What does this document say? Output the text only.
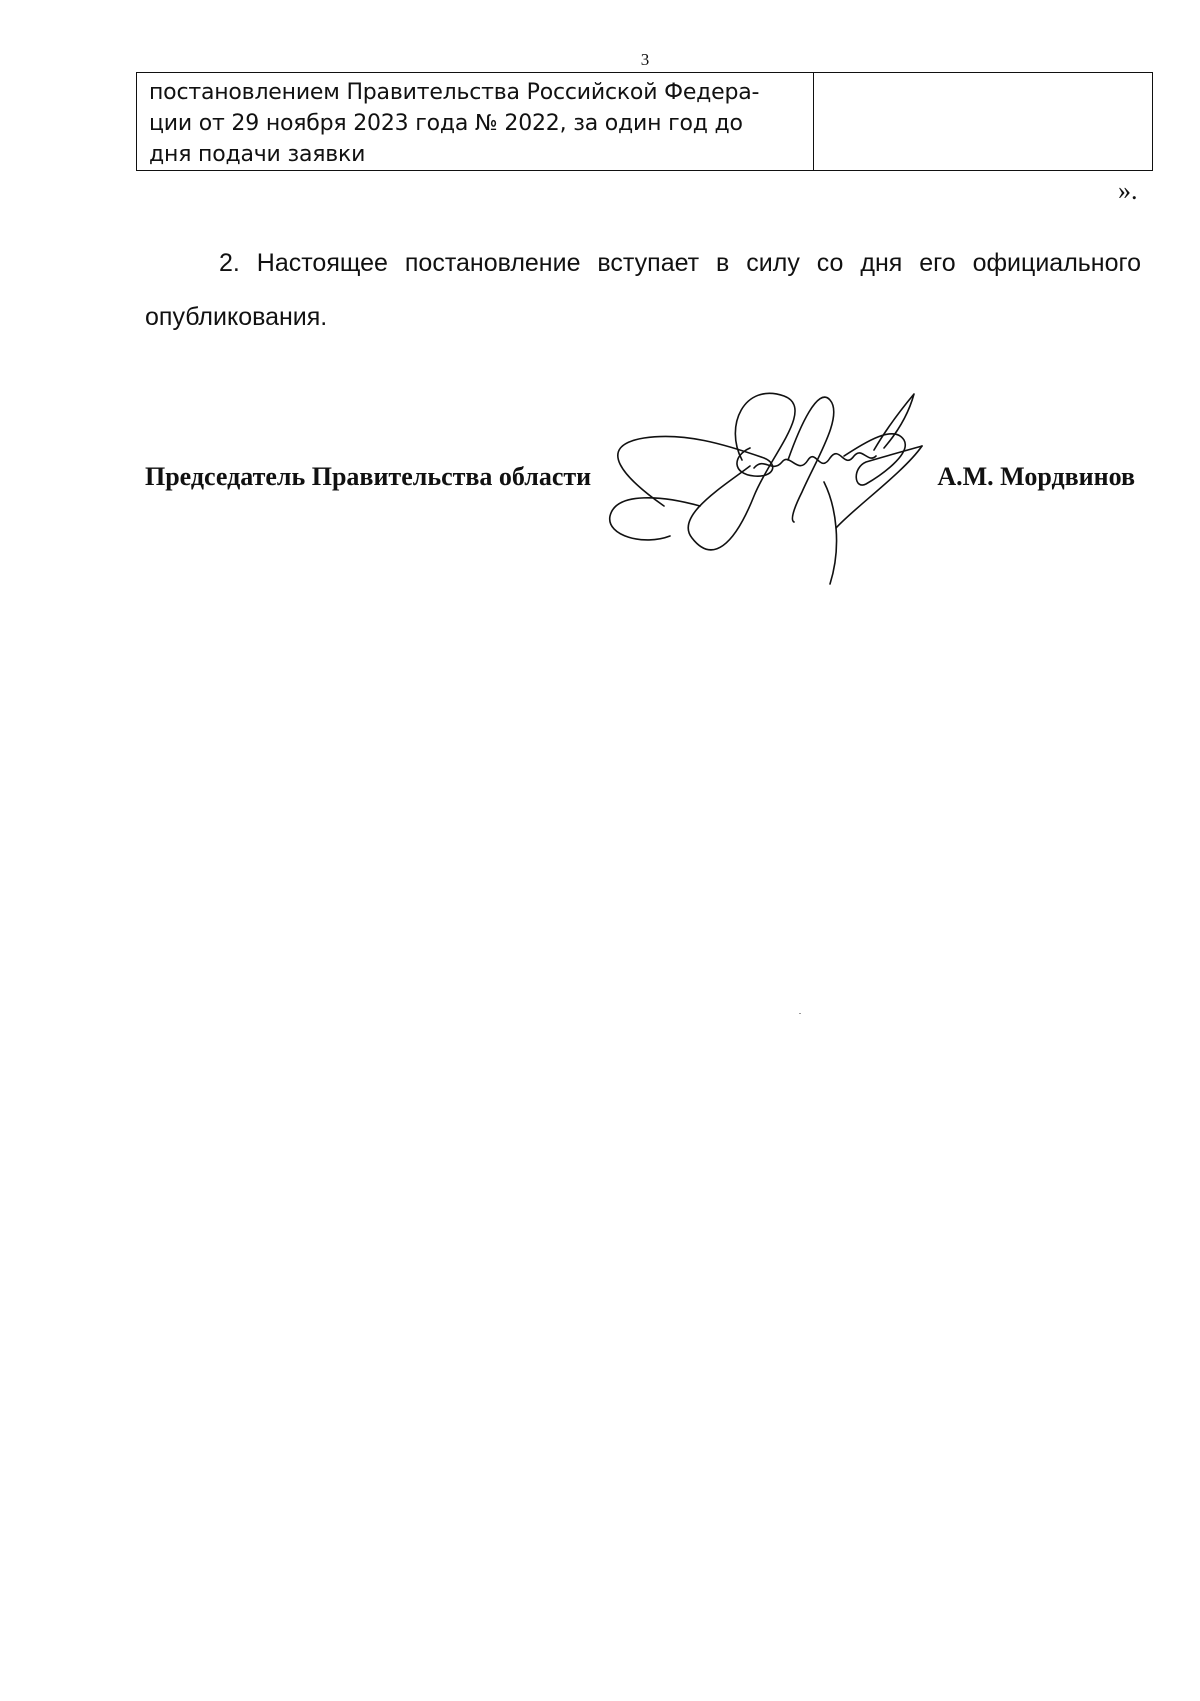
3
постановлением Правительства Российской Федера-
ции от 29 ноября 2023 года № 2022, за один год до
дня подачи заявки
».
2. Настоящее постановление вступает в силу со дня его официального опубликования.
Председатель Правительства области	А.М. Мордвинов
